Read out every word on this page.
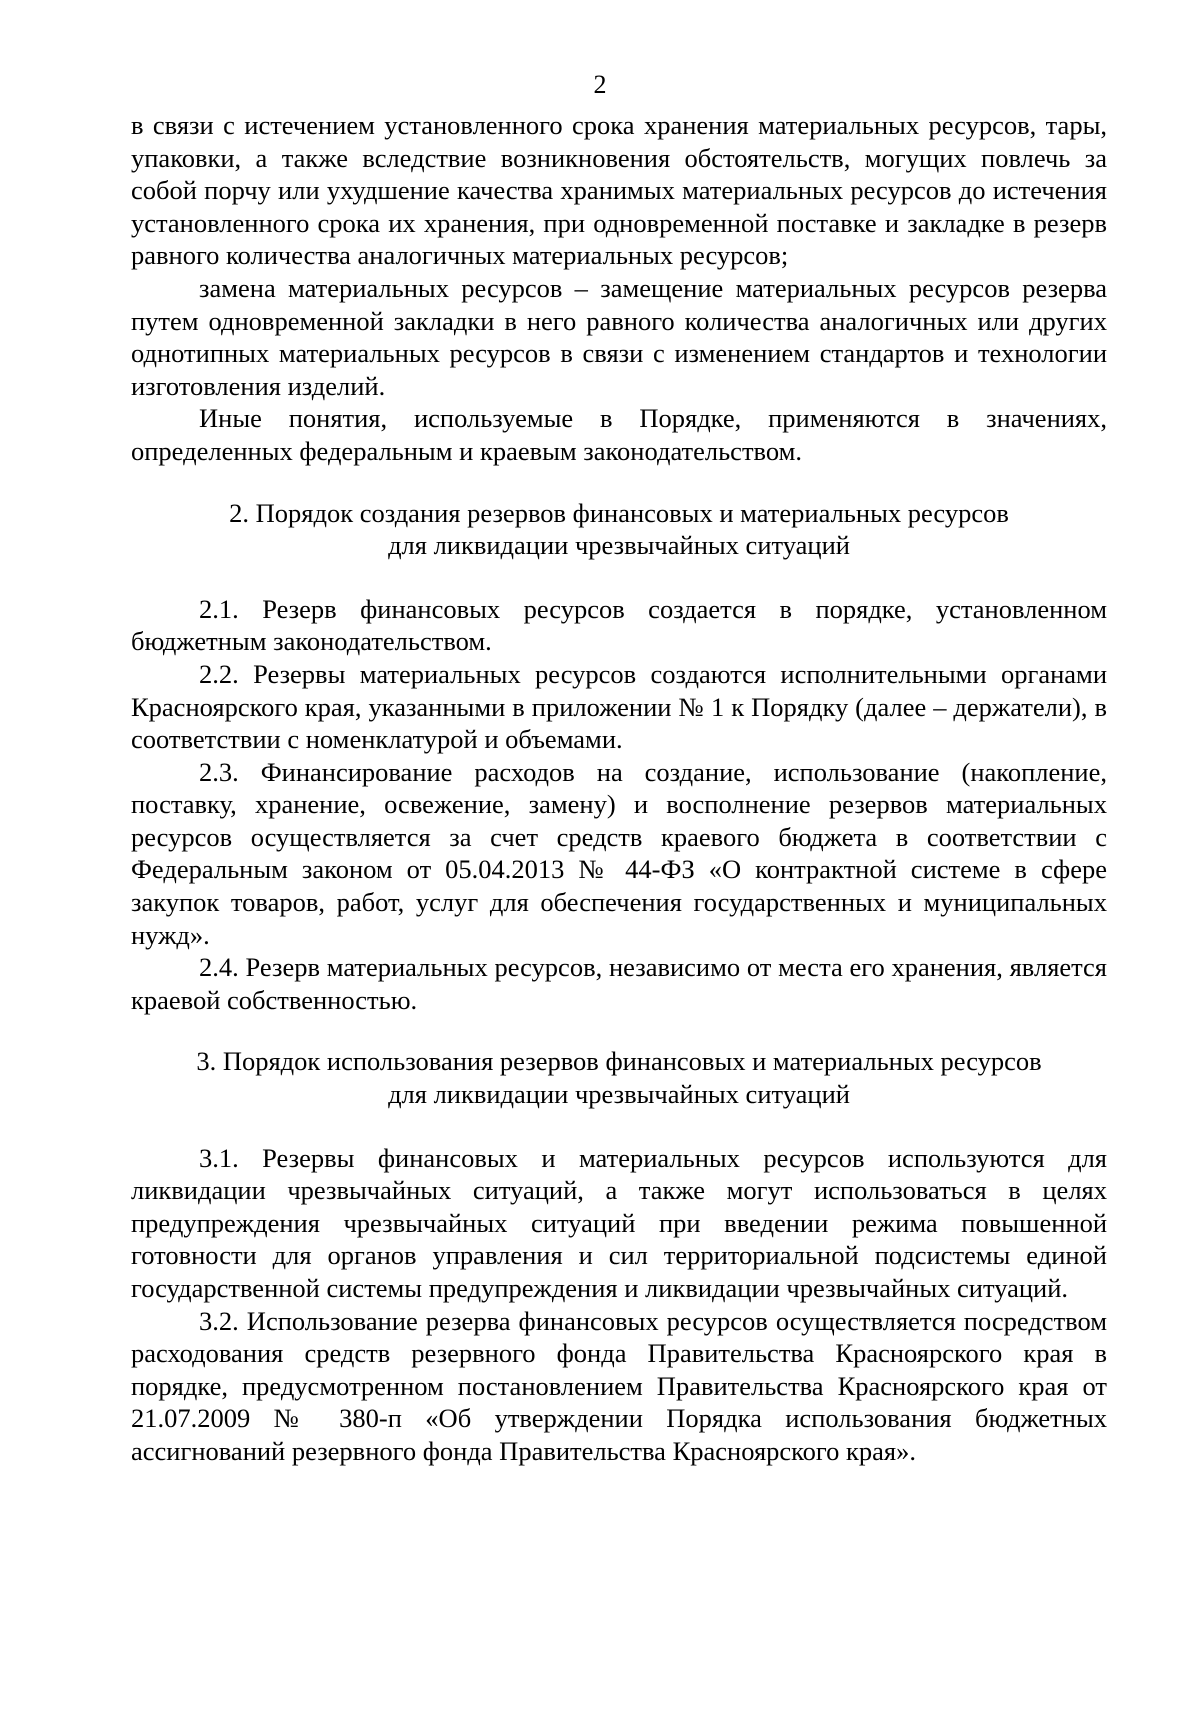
2

в связи с истечением установленного срока хранения материальных ресурсов, тары, упаковки, а также вследствие возникновения обстоятельств, могущих повлечь за собой порчу или ухудшение качества хранимых материальных ресурсов до истечения установленного срока их хранения, при одновременной поставке и закладке в резерв равного количества аналогичных материальных ресурсов;

замена материальных ресурсов – замещение материальных ресурсов резерва путем одновременной закладки в него равного количества аналогичных или других однотипных материальных ресурсов в связи с изменением стандартов и технологии изготовления изделий.

Иные понятия, используемые в Порядке, применяются в значениях, определенных федеральным и краевым законодательством.

2. Порядок создания резервов финансовых и материальных ресурсов

для ликвидации чрезвычайных ситуаций

2.1. Резерв финансовых ресурсов создается в порядке, установленном бюджетным законодательством.

2.2. Резервы материальных ресурсов создаются исполнительными органами Красноярского края, указанными в приложении № 1 к Порядку (далее – держатели), в соответствии с номенклатурой и объемами.

2.3. Финансирование расходов на создание, использование (накопление, поставку, хранение, освежение, замену) и восполнение резервов материальных ресурсов осуществляется за счет средств краевого бюджета в соответствии с Федеральным законом от 05.04.2013 № 44-ФЗ «О контрактной системе в сфере закупок товаров, работ, услуг для обеспечения государственных и муниципальных нужд».

2.4. Резерв материальных ресурсов, независимо от места его хранения, является краевой собственностью.

3. Порядок использования резервов финансовых и материальных ресурсов

для ликвидации чрезвычайных ситуаций

3.1. Резервы финансовых и материальных ресурсов используются для ликвидации чрезвычайных ситуаций, а также могут использоваться в целях предупреждения чрезвычайных ситуаций при введении режима повышенной готовности для органов управления и сил территориальной подсистемы единой государственной системы предупреждения и ликвидации чрезвычайных ситуаций.

3.2. Использование резерва финансовых ресурсов осуществляется посредством расходования средств резервного фонда Правительства Красноярского края в порядке, предусмотренном постановлением Правительства Красноярского края от 21.07.2009 № 380-п «Об утверждении Порядка использования бюджетных ассигнований резервного фонда Правительства Красноярского края».
